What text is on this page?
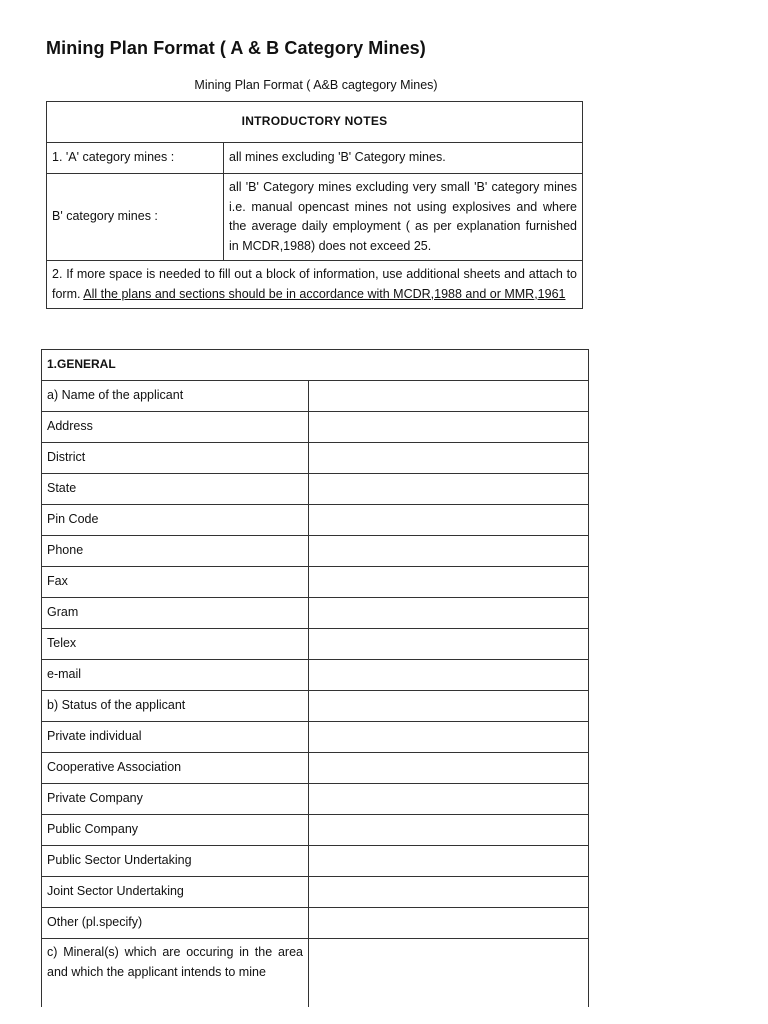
Mining Plan Format ( A & B Category Mines)
Mining Plan Format ( A&B cagtegory Mines)
INTRODUCTORY NOTES	
1. 'A' category mines :	all mines excluding 'B' Category mines.
B' category mines :	all 'B' Category mines excluding very small 'B' category mines i.e. manual opencast mines not using explosives and where the average daily employment ( as per explanation furnished in MCDR,1988) does not exceed 25.
2. If more space is needed to fill out a block of information, use additional sheets and attach to form. All the plans and sections should be in accordance with MCDR,1988 and or MMR,1961	
1.GENERAL	
a) Name of the applicant	
Address	
District	
State	
Pin Code	
Phone	
Fax	
Gram	
Telex	
e-mail	
b) Status of the applicant	
Private individual	
Cooperative Association	
Private Company	
Public Company	
Public Sector Undertaking	
Joint Sector Undertaking	
Other (pl.specify)	
c) Mineral(s) which are occuring in the area and which the applicant intends to mine	
